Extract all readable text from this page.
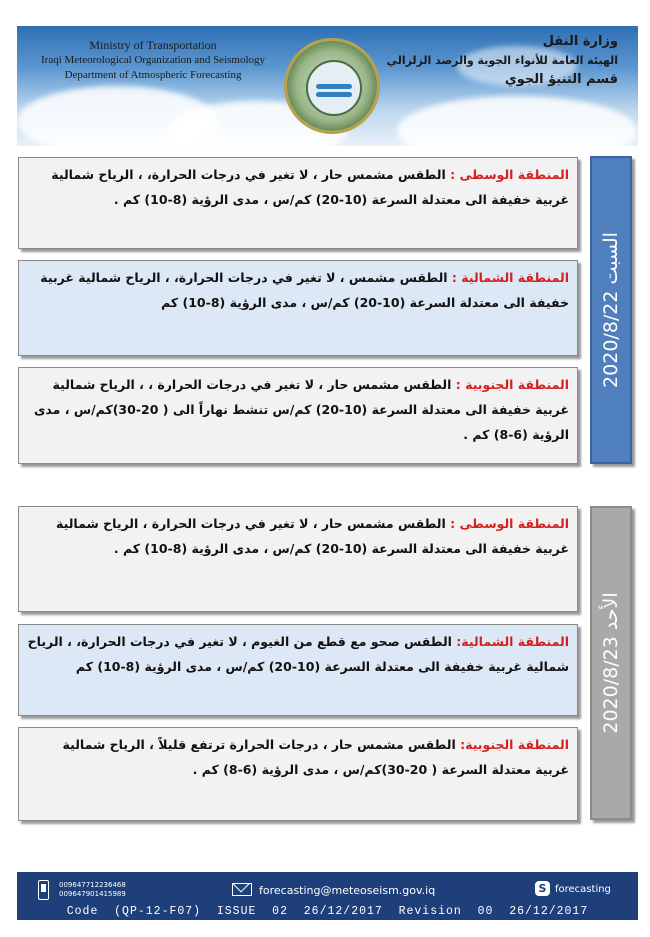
Ministry of Transportation
Iraqi Meteorological Organization and Seismology
Department of Atmospheric Forecasting
وزارة النقل
الهيئة العامة للأنواء الجوية والرصد الزلزالي
قسم التنبؤ الجوي
المنطقة الوسطى : الطقس مشمس حار ، لا تغير في درجات الحرارة، ، الرياح شمالية غربية خفيفة الى معتدلة السرعة (10-20) كم/س ، مدى الرؤية (8-10) كم .
المنطقة الشمالية : الطقس مشمس ، لا تغير في درجات الحرارة، ، الرياح شمالية غربية خفيفة الى معتدلة السرعة (10-20) كم/س ، مدى الرؤية (8-10) كم
المنطقة الجنوبية : الطقس مشمس حار ، لا تغير في درجات الحرارة ، ، الرياح شمالية غربية خفيفة الى معتدلة السرعة (10-20) كم/س تنشط نهاراً الى ( 20-30)كم/س ، مدى الرؤية (6-8) كم .
السبت 2020/8/22
المنطقة الوسطى : الطقس مشمس حار ، لا تغير في درجات الحرارة ، الرياح شمالية غربية خفيفة الى معتدلة السرعة (10-20) كم/س ، مدى الرؤية (8-10) كم .
المنطقة الشمالية: الطقس صحو مع قطع من الغيوم ، لا تغير في درجات الحرارة، ، الرياح شمالية غربية خفيفة الى معتدلة السرعة (10-20) كم/س ، مدى الرؤية (8-10) كم
المنطقة الجنوبية: الطقس مشمس حار ، درجات الحرارة ترتفع قليلاً ، الرياح شمالية غربية معتدلة السرعة ( 20-30)كم/س ، مدى الرؤية (6-8) كم .
الأحد 2020/8/23
009647712236468
009647901415989	forecasting@meteoseism.gov.iq	S forecasting
Code  (QP-12-F07)  ISSUE  02  26/12/2017  Revision  00  26/12/2017
